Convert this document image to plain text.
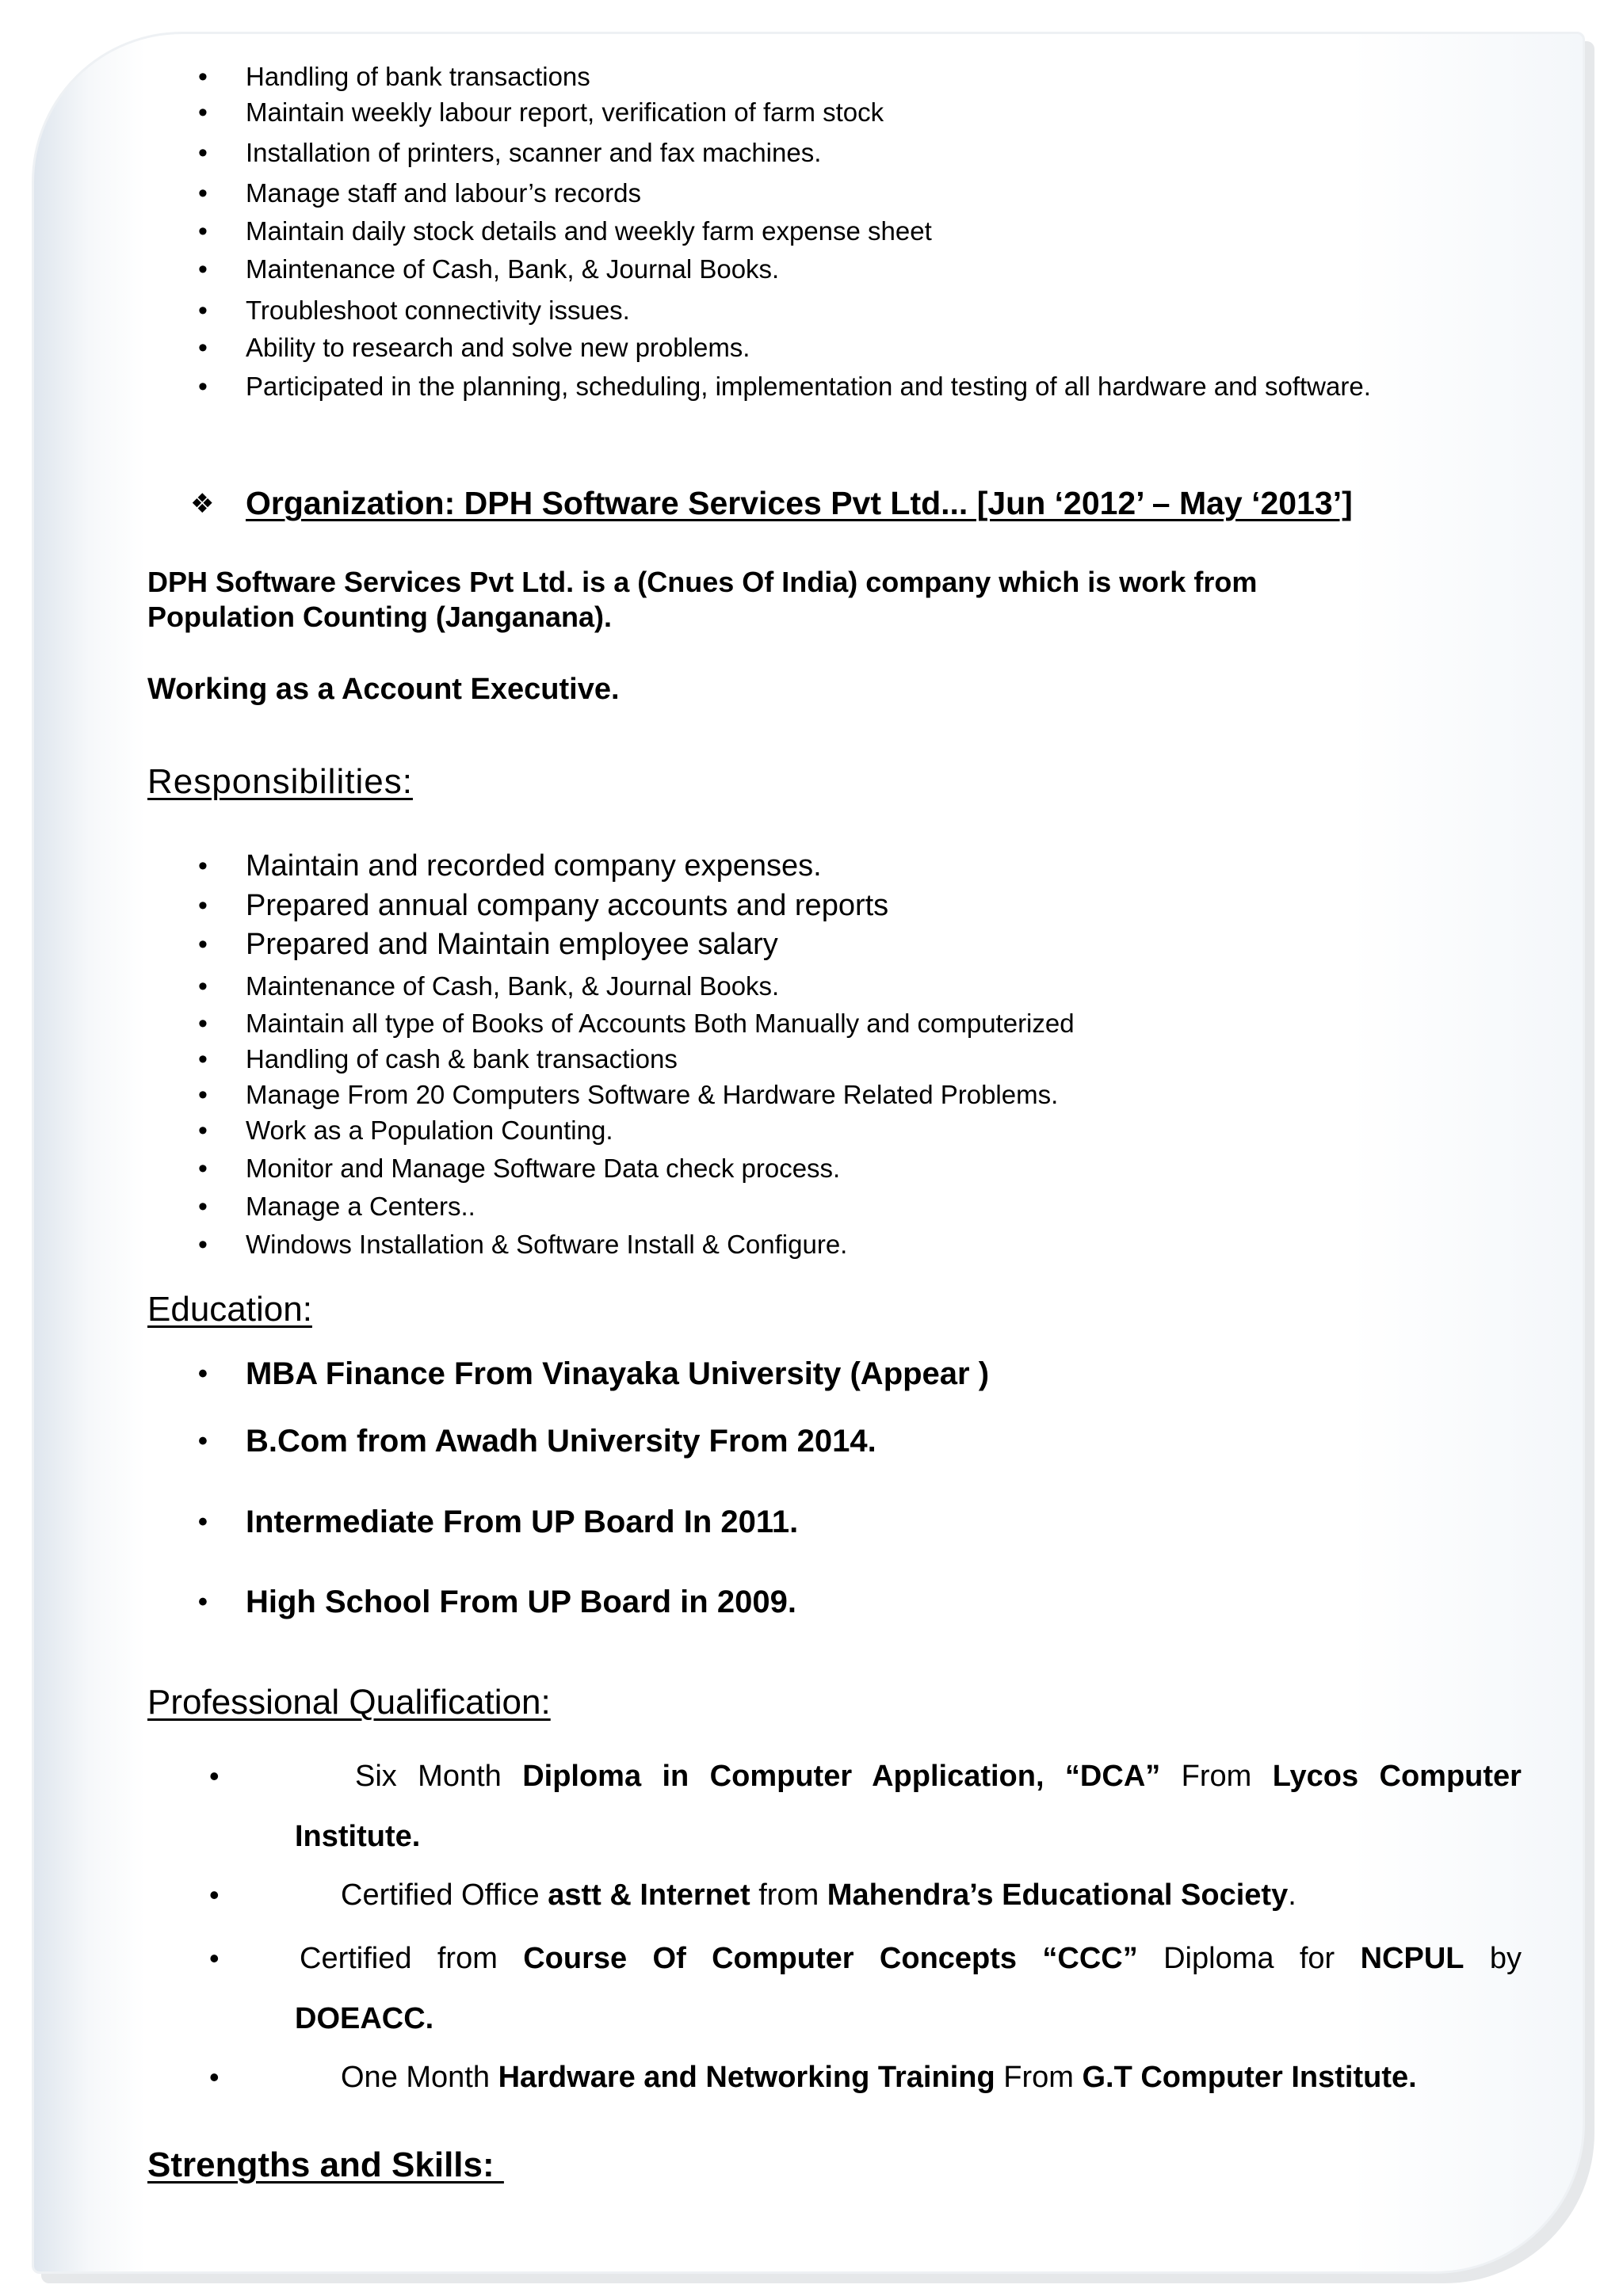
• Handling of bank transactions
• Maintain weekly labour report, verification of farm stock
• Installation of printers, scanner and fax machines.
• Manage staff and labour’s records
• Maintain daily stock details and weekly farm expense sheet
• Maintenance of Cash, Bank, & Journal Books.
• Troubleshoot connectivity issues.
• Ability to research and solve new problems.
• Participated in the planning, scheduling, implementation and testing of all hardware and software.
❖ Organization: DPH Software Services Pvt Ltd... [Jun ‘2012’ – May ‘2013’]
DPH Software Services Pvt Ltd. is a (Cnues Of India) company which is work from
Population Counting (Janganana).
Working as a Account Executive.
Responsibilities:
• Maintain and recorded company expenses.
• Prepared annual company accounts and reports
• Prepared and Maintain employee salary
• Maintenance of Cash, Bank, & Journal Books.
• Maintain all type of Books of Accounts Both Manually and computerized
• Handling of cash & bank transactions
• Manage From 20 Computers Software & Hardware Related Problems.
• Work as a Population Counting.
• Monitor and Manage Software Data check process.
• Manage a Centers..
• Windows Installation & Software Install & Configure.
Education:
• MBA Finance From Vinayaka University (Appear )
• B.Com from Awadh University From 2014.
• Intermediate From UP Board In 2011.
• High School From UP Board in 2009.
Professional Qualification:
• Six Month Diploma in Computer Application, “DCA” From Lycos Computer Institute.
• Certified Office astt & Internet from Mahendra’s Educational Society.
• Certified from Course Of Computer Concepts “CCC” Diploma for NCPUL by DOEACC.
• One Month Hardware and Networking Training From G.T Computer Institute.
Strengths and Skills:
